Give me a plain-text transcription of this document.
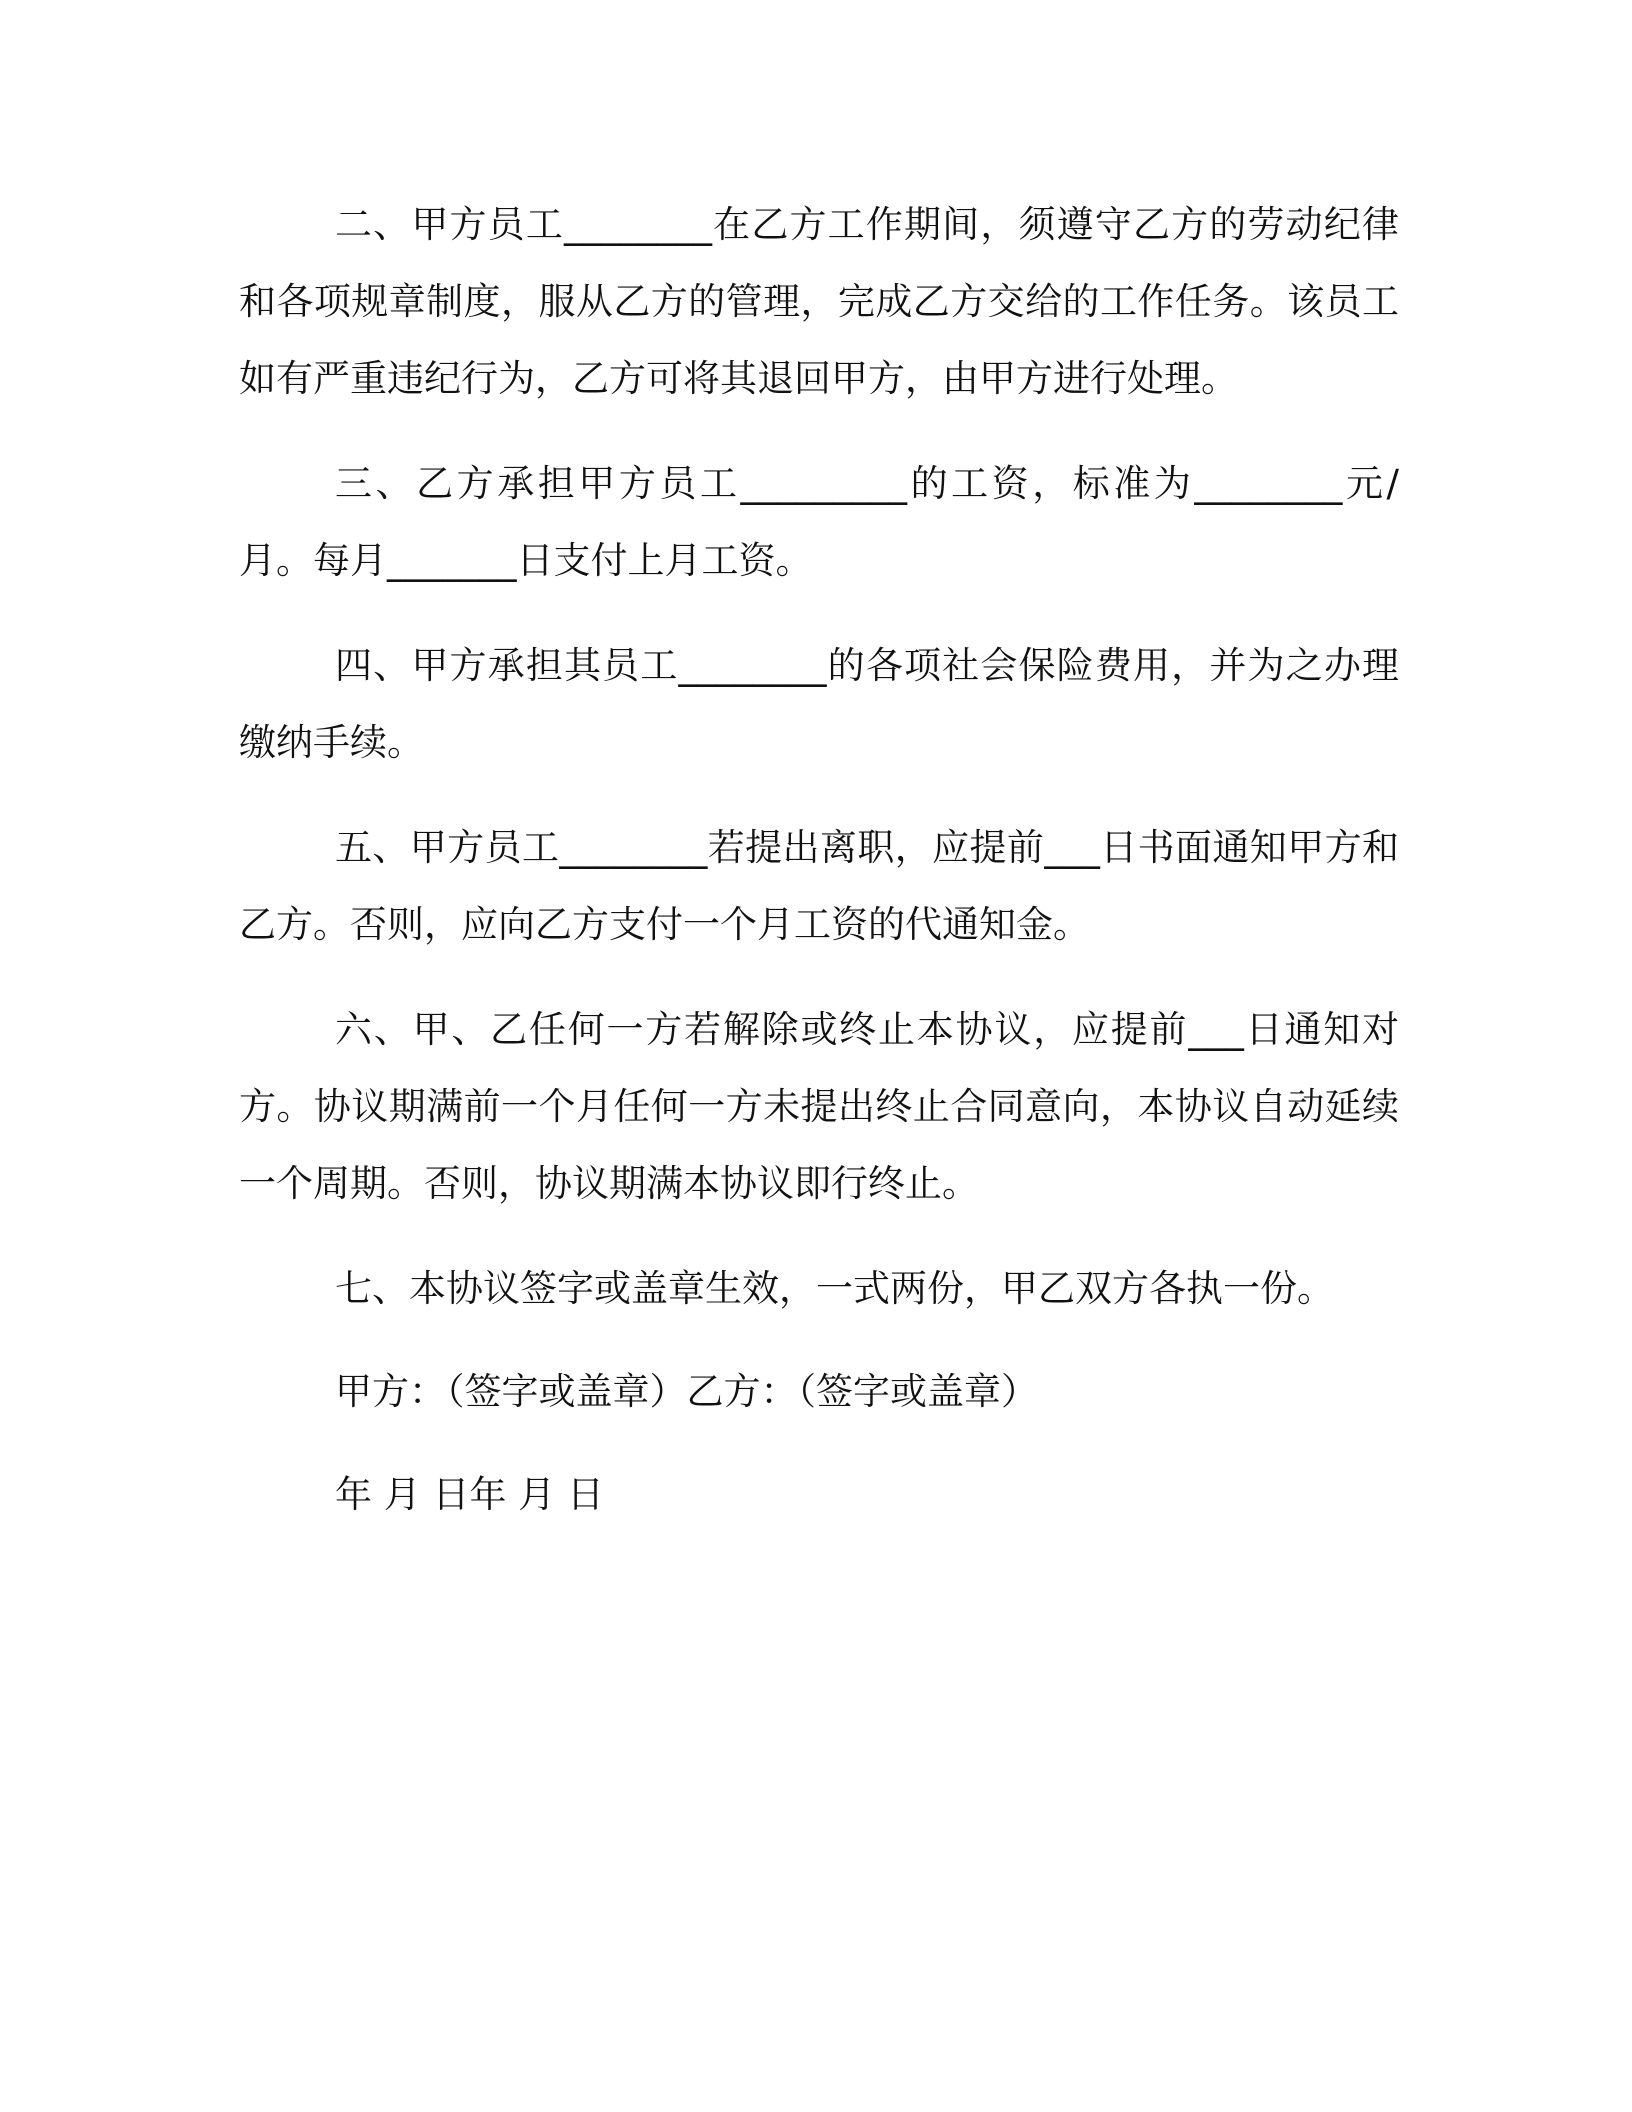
二、甲方员工________在乙方工作期间，须遵守乙方的劳动纪律和各项规章制度，服从乙方的管理，完成乙方交给的工作任务。该员工如有严重违纪行为，乙方可将其退回甲方，由甲方进行处理。

三、乙方承担甲方员工_________的工资，标准为________元/月。每月_______日支付上月工资。

四、甲方承担其员工________的各项社会保险费用，并为之办理缴纳手续。

五、甲方员工________若提出离职，应提前___日书面通知甲方和乙方。否则，应向乙方支付一个月工资的代通知金。

六、甲、乙任何一方若解除或终止本协议，应提前___日通知对方。协议期满前一个月任何一方未提出终止合同意向，本协议自动延续一个周期。否则，协议期满本协议即行终止。

七、本协议签字或盖章生效，一式两份，甲乙双方各执一份。

甲方：（签字或盖章）乙方：（签字或盖章）

年 月 日年 月 日
